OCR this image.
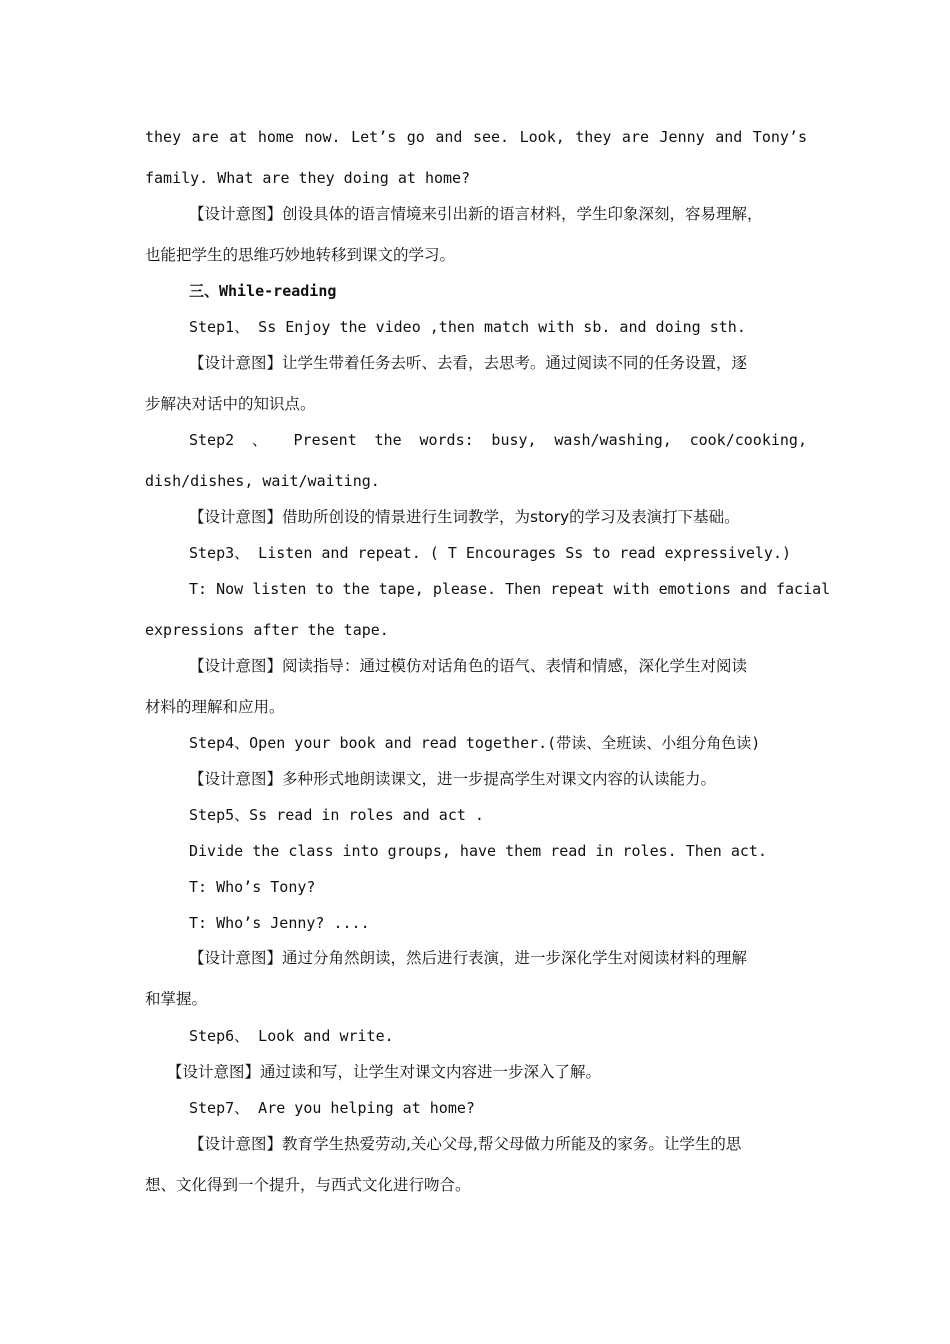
they are at home now. Let’s go and see. Look, they are Jenny and Tony’s
family. What are they doing at home?
【设计意图】创设具体的语言情境来引出新的语言材料，学生印象深刻，容易理解，
也能把学生的思维巧妙地转移到课文的学习。
三、While-reading
Step1、 Ss Enjoy the video ,then match with sb. and doing sth.
【设计意图】让学生带着任务去听、去看，去思考。通过阅读不同的任务设置，逐
步解决对话中的知识点。
Step2 、 Present the words: busy, wash/washing, cook/cooking,
dish/dishes, wait/waiting.
【设计意图】借助所创设的情景进行生词教学，为story的学习及表演打下基础。
Step3、 Listen and repeat. ( T Encourages Ss to read expressively.)
T: Now listen to the tape, please. Then repeat with emotions and facial
expressions after the tape.
【设计意图】阅读指导：通过模仿对话角色的语气、表情和情感，深化学生对阅读
材料的理解和应用。
Step4、Open your book and read together.(带读、全班读、小组分角色读)
【设计意图】多种形式地朗读课文，进一步提高学生对课文内容的认读能力。
Step5、Ss read in roles and act .
Divide the class into groups, have them read in roles. Then act.
T: Who’s Tony?
T: Who’s Jenny? ....
【设计意图】通过分角然朗读，然后进行表演，进一步深化学生对阅读材料的理解
和掌握。
Step6、 Look and write.
【设计意图】通过读和写，让学生对课文内容进一步深入了解。
Step7、 Are you helping at home?
【设计意图】教育学生热爱劳动,关心父母,帮父母做力所能及的家务。让学生的思
想、文化得到一个提升，与西式文化进行吻合。
